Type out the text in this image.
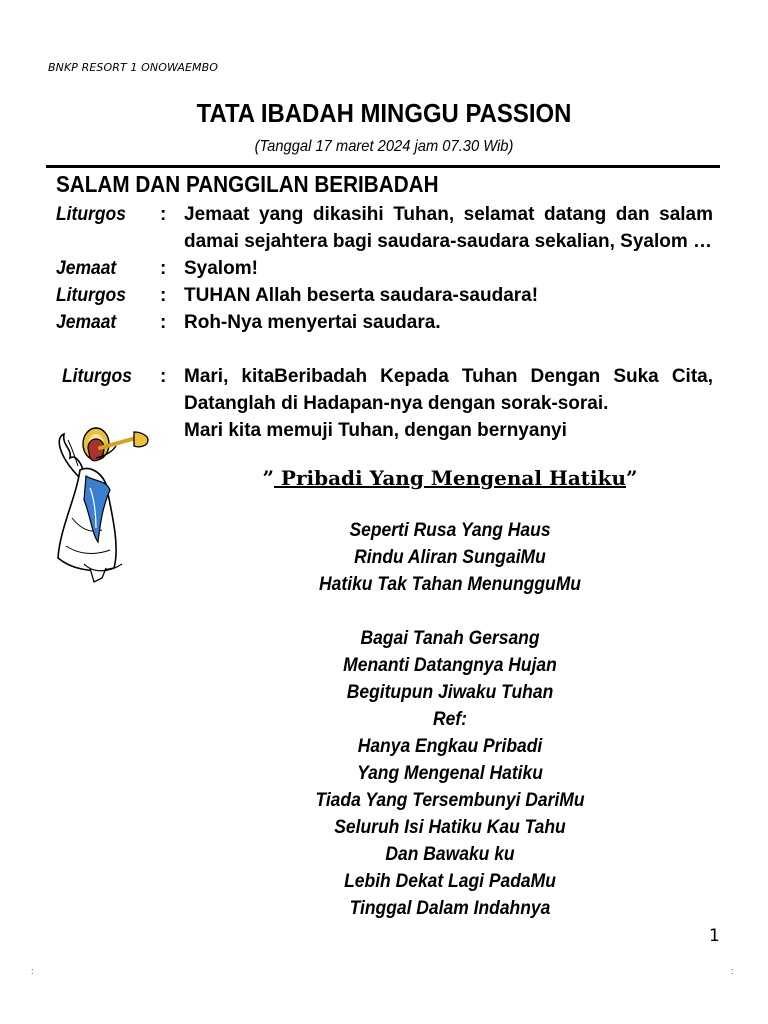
BNKP RESORT 1 ONOWAEMBO
TATA IBADAH MINGGU PASSION
(Tanggal 17 maret 2024 jam 07.30 Wib)
SALAM DAN PANGGILAN BERIBADAH
Liturgos : Jemaat yang dikasihi Tuhan, selamat datang dan salam
damai sejahtera bagi saudara-saudara sekalian, Syalom …
Jemaat : Syalom!
Liturgos : TUHAN Allah beserta saudara-saudara!
Jemaat : Roh-Nya menyertai saudara.
Liturgos : Mari, kitaBeribadah Kepada Tuhan Dengan Suka Cita,
Datanglah di Hadapan-nya dengan sorak-sorai.
Mari kita memuji Tuhan, dengan bernyanyi
” Pribadi Yang Mengenal Hatiku”
Seperti Rusa Yang Haus
Rindu Aliran SungaiMu
Hatiku Tak Tahan MenungguMu
Bagai Tanah Gersang
Menanti Datangnya Hujan
Begitupun Jiwaku Tuhan
Ref:
Hanya Engkau Pribadi
Yang Mengenal Hatiku
Tiada Yang Tersembunyi DariMu
Seluruh Isi Hatiku Kau Tahu
Dan Bawaku ku
Lebih Dekat Lagi PadaMu
Tinggal Dalam Indahnya
1
:	:
